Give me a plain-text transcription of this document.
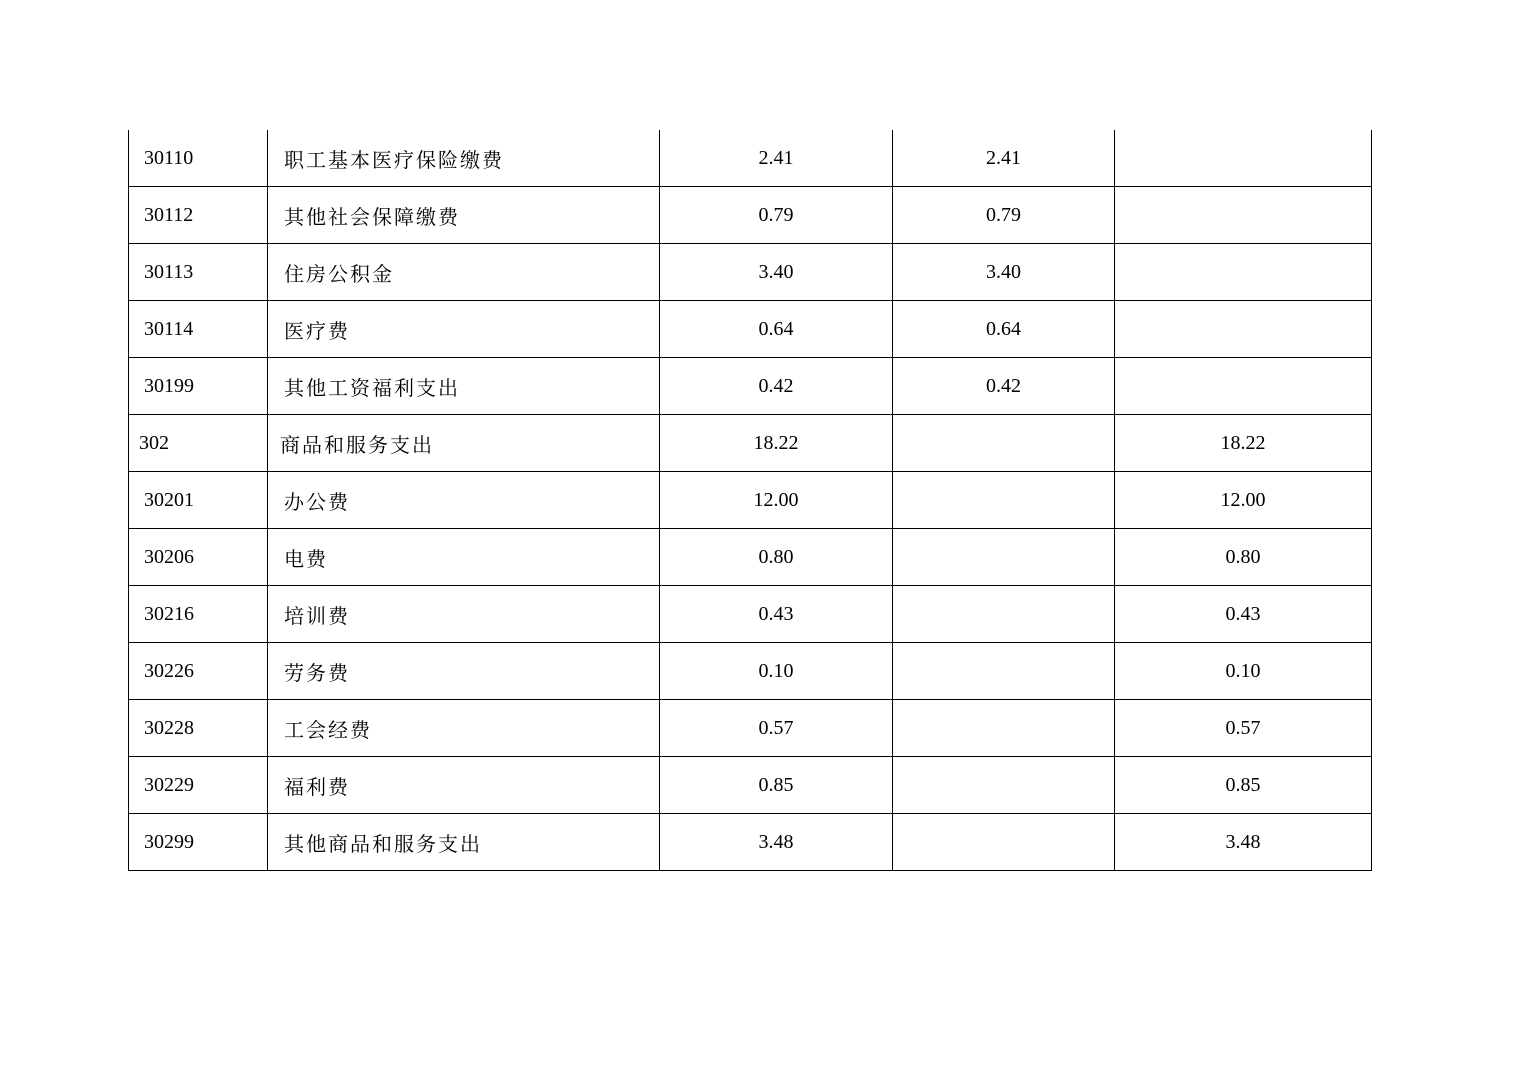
30110	职工基本医疗保险缴费	2.41	2.41	
30112	其他社会保障缴费	0.79	0.79	
30113	住房公积金	3.40	3.40	
30114	医疗费	0.64	0.64	
30199	其他工资福利支出	0.42	0.42	
302	商品和服务支出	18.22		18.22
30201	办公费	12.00		12.00
30206	电费	0.80		0.80
30216	培训费	0.43		0.43
30226	劳务费	0.10		0.10
30228	工会经费	0.57		0.57
30229	福利费	0.85		0.85
30299	其他商品和服务支出	3.48		3.48
